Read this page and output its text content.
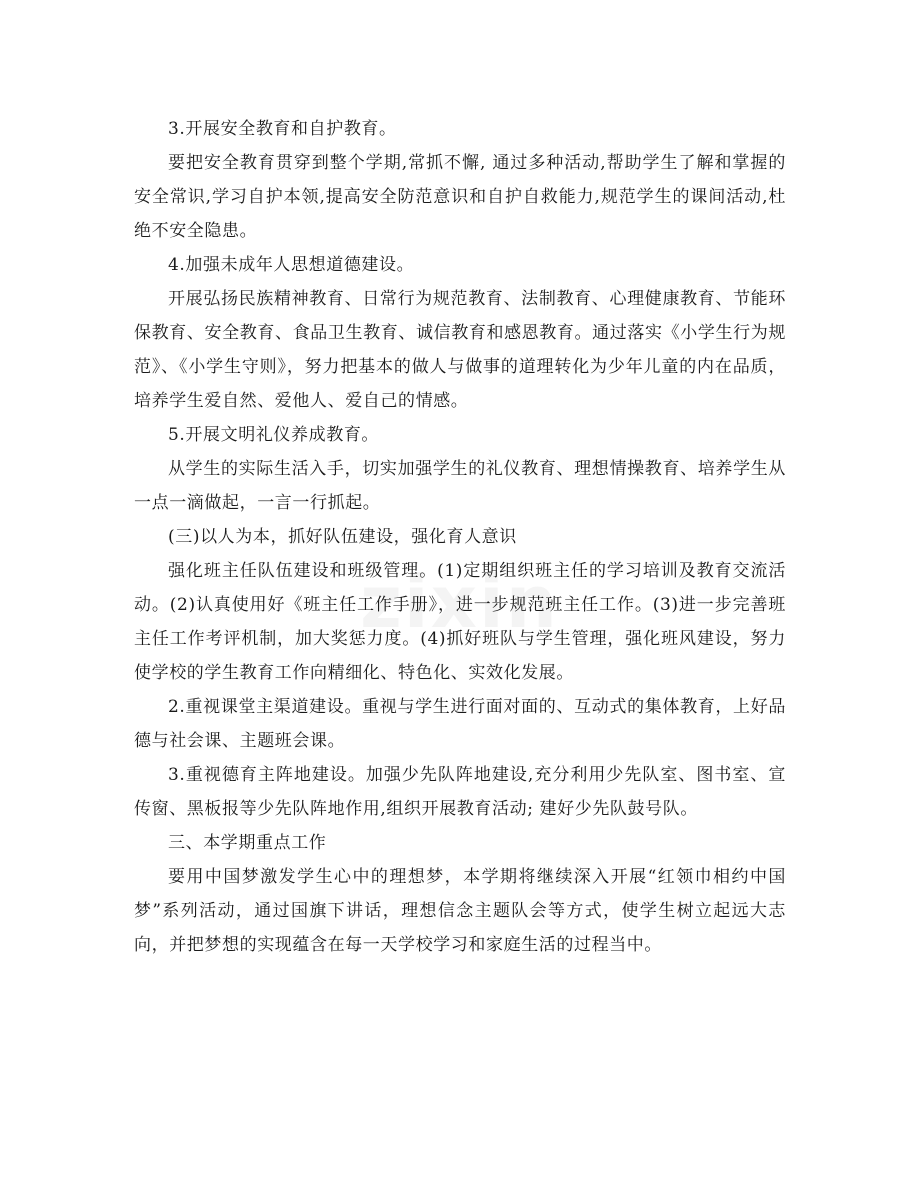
3.开展安全教育和自护教育。

要把安全教育贯穿到整个学期,常抓不懈, 通过多种活动,帮助学生了解和掌握的安全常识,学习自护本领,提高安全防范意识和自护自救能力,规范学生的课间活动,杜绝不安全隐患。

4.加强未成年人思想道德建设。

开展弘扬民族精神教育、日常行为规范教育、法制教育、心理健康教育、节能环保教育、安全教育、食品卫生教育、诚信教育和感恩教育。通过落实《小学生行为规范》、《小学生守则》，努力把基本的做人与做事的道理转化为少年儿童的内在品质，培养学生爱自然、爱他人、爱自己的情感。

5.开展文明礼仪养成教育。

从学生的实际生活入手，切实加强学生的礼仪教育、理想情操教育、培养学生从一点一滴做起，一言一行抓起。

(三)以人为本，抓好队伍建设，强化育人意识

强化班主任队伍建设和班级管理。(1)定期组织班主任的学习培训及教育交流活动。(2)认真使用好《班主任工作手册》，进一步规范班主任工作。(3)进一步完善班主任工作考评机制，加大奖惩力度。(4)抓好班队与学生管理，强化班风建设，努力使学校的学生教育工作向精细化、特色化、实效化发展。

2.重视课堂主渠道建设。重视与学生进行面对面的、互动式的集体教育，上好品德与社会课、主题班会课。

3.重视德育主阵地建设。加强少先队阵地建设,充分利用少先队室、图书室、宣传窗、黑板报等少先队阵地作用,组织开展教育活动; 建好少先队鼓号队。

三、本学期重点工作

要用中国梦激发学生心中的理想梦，本学期将继续深入开展“红领巾相约中国梦”系列活动，通过国旗下讲话，理想信念主题队会等方式，使学生树立起远大志向，并把梦想的实现蕴含在每一天学校学习和家庭生活的过程当中。
